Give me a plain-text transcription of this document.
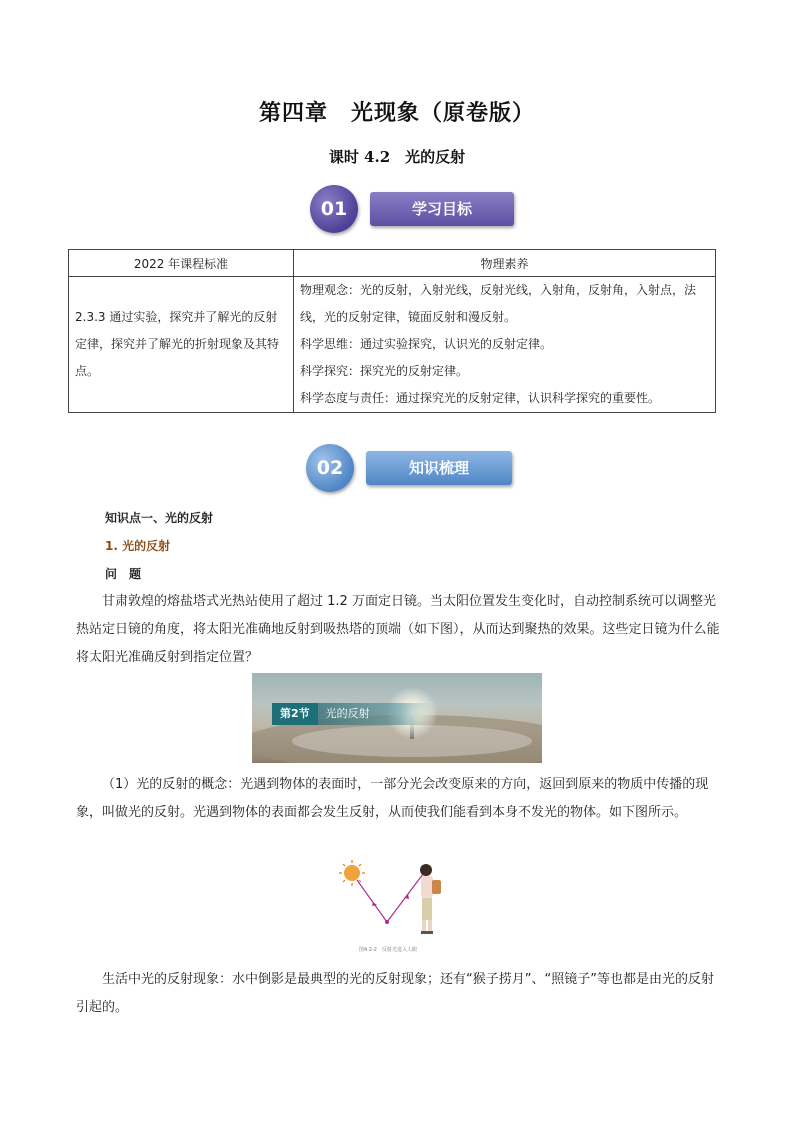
第四章　光现象（原卷版）
课时 4.2　光的反射
01	学习目标
2022 年课程标准	物理素养
2.3.3 通过实验，探究并了解光的反射定律，探究并了解光的折射现象及其特点。	物理观念：光的反射，入射光线，反射光线，入射角，反射角，入射点，法线，光的反射定律，镜面反射和漫反射。
科学思维：通过实验探究，认识光的反射定律。
科学探究：探究光的反射定律。
科学态度与责任：通过探究光的反射定律，认识科学探究的重要性。
02	知识梳理
知识点一、光的反射
1. 光的反射
问　题
甘肃敦煌的熔盐塔式光热站使用了超过 1.2 万面定日镜。当太阳位置发生变化时，自动控制系统可以调整光热站定日镜的角度，将太阳光准确地反射到吸热塔的顶端（如下图），从而达到聚热的效果。这些定日镜为什么能将太阳光准确反射到指定位置？
第2节 光的反射
（1）光的反射的概念：光遇到物体的表面时，一部分光会改变原来的方向，返回到原来的物质中传播的现象，叫做光的反射。光遇到物体的表面都会发生反射，从而使我们能看到本身不发光的物体。如下图所示。
图4.2-2　反射光进入人眼
生活中光的反射现象：水中倒影是最典型的光的反射现象；还有“猴子捞月”、“照镜子”等也都是由光的反射引起的。
